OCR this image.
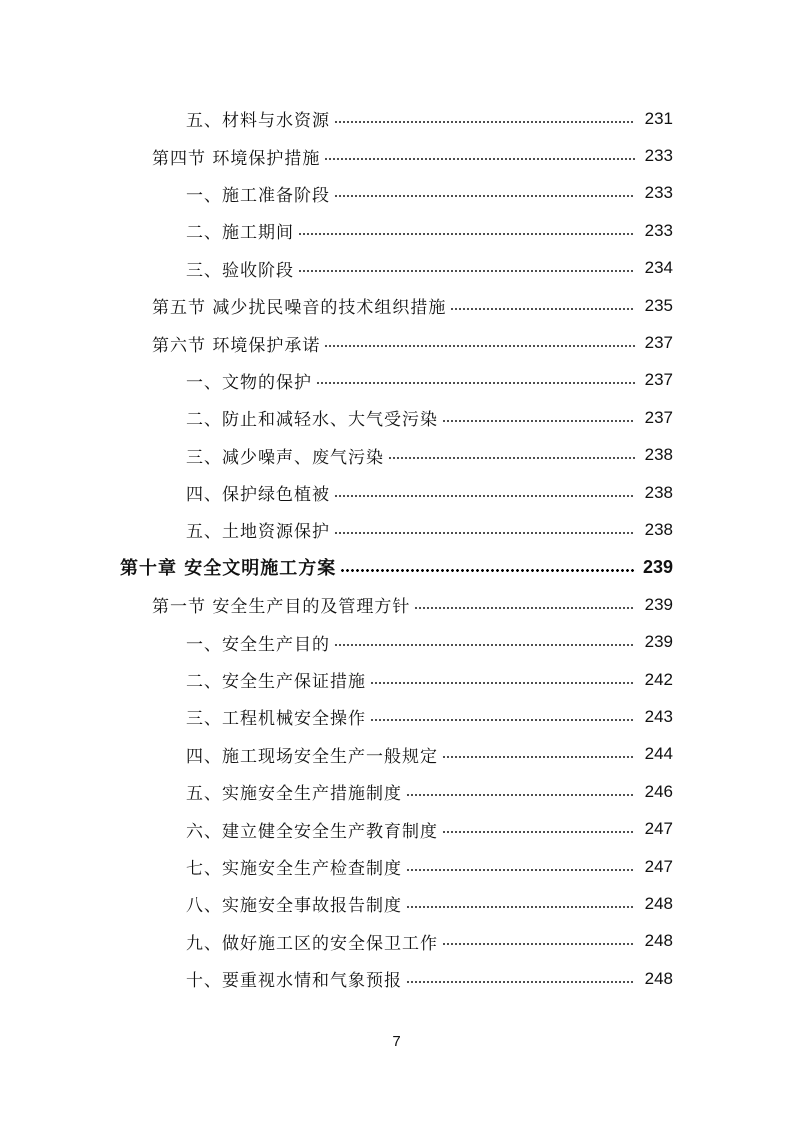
五、材料与水资源	231
第四节 环境保护措施	233
一、施工准备阶段	233
二、施工期间	233
三、验收阶段	234
第五节 减少扰民噪音的技术组织措施	235
第六节 环境保护承诺	237
一、文物的保护	237
二、防止和减轻水、大气受污染	237
三、减少噪声、废气污染	238
四、保护绿色植被	238
五、土地资源保护	238
第十章 安全文明施工方案	239
第一节 安全生产目的及管理方针	239
一、安全生产目的	239
二、安全生产保证措施	242
三、工程机械安全操作	243
四、施工现场安全生产一般规定	244
五、实施安全生产措施制度	246
六、建立健全安全生产教育制度	247
七、实施安全生产检查制度	247
八、实施安全事故报告制度	248
九、做好施工区的安全保卫工作	248
十、要重视水情和气象预报	248
7
